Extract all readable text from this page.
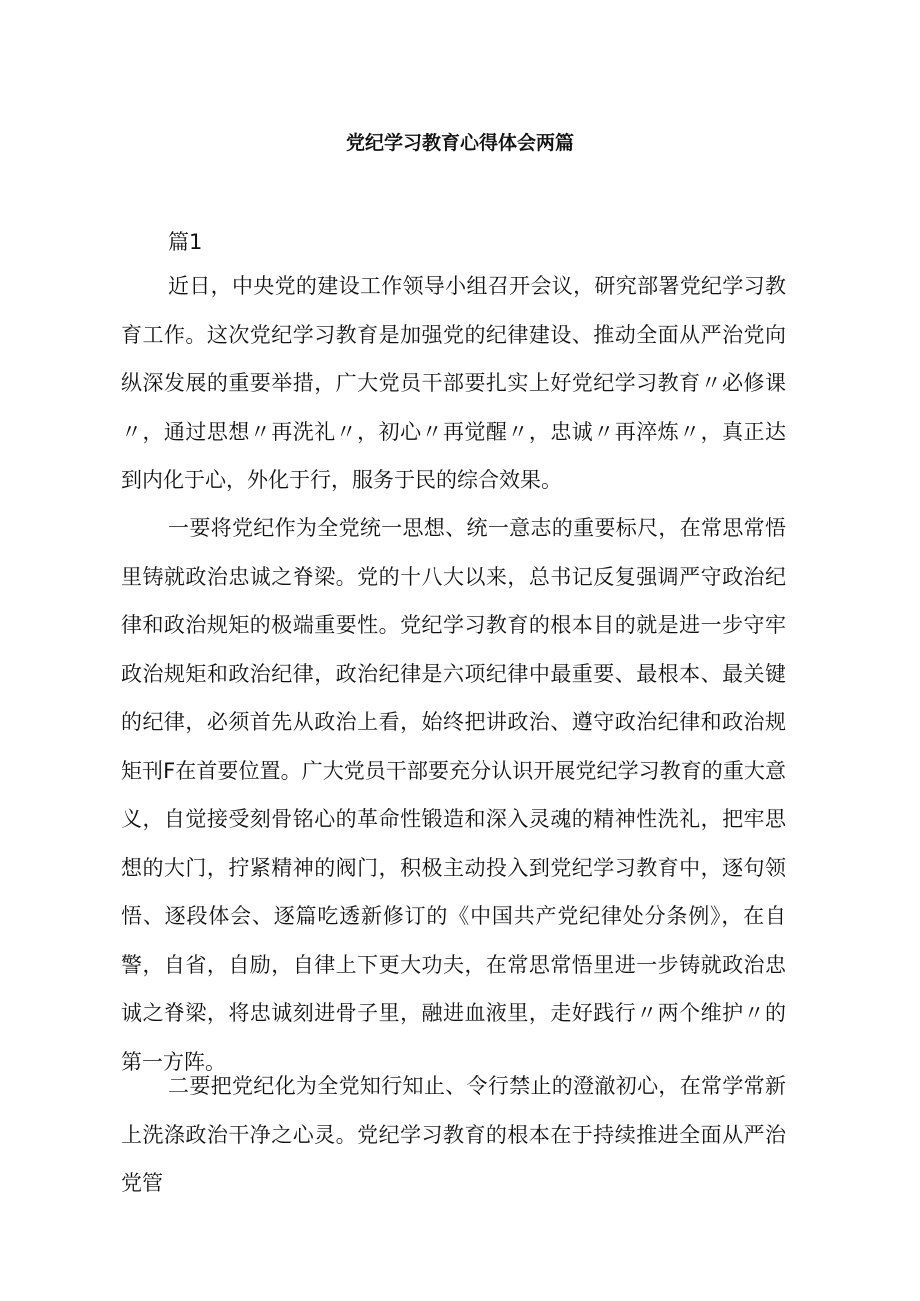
党纪学习教育心得体会两篇
篇1

近日，中央党的建设工作领导小组召开会议，研究部署党纪学习教育工作。这次党纪学习教育是加强党的纪律建设、推动全面从严治党向纵深发展的重要举措，广大党员干部要扎实上好党纪学习教育〃必修课〃，通过思想〃再洗礼〃，初心〃再觉醒〃，忠诚〃再淬炼〃，真正达到内化于心，外化于行，服务于民的综合效果。

一要将党纪作为全党统一思想、统一意志的重要标尺，在常思常悟里铸就政治忠诚之脊梁。党的十八大以来，总书记反复强调严守政治纪律和政治规矩的极端重要性。党纪学习教育的根本目的就是进一步守牢政治规矩和政治纪律，政治纪律是六项纪律中最重要、最根本、最关键的纪律，必须首先从政治上看，始终把讲政治、遵守政治纪律和政治规矩刊F在首要位置。广大党员干部要充分认识开展党纪学习教育的重大意义，自觉接受刻骨铭心的革命性锻造和深入灵魂的精神性洗礼，把牢思想的大门，拧紧精神的阀门，积极主动投入到党纪学习教育中，逐句领悟、逐段体会、逐篇吃透新修订的《中国共产党纪律处分条例》，在自警，自省，自励，自律上下更大功夫，在常思常悟里进一步铸就政治忠诚之脊梁，将忠诚刻进骨子里，融进血液里，走好践行〃两个维护〃的第一方阵。

二要把党纪化为全党知行知止、令行禁止的澄澈初心，在常学常新上洗涤政治干净之心灵。党纪学习教育的根本在于持续推进全面从严治党管
